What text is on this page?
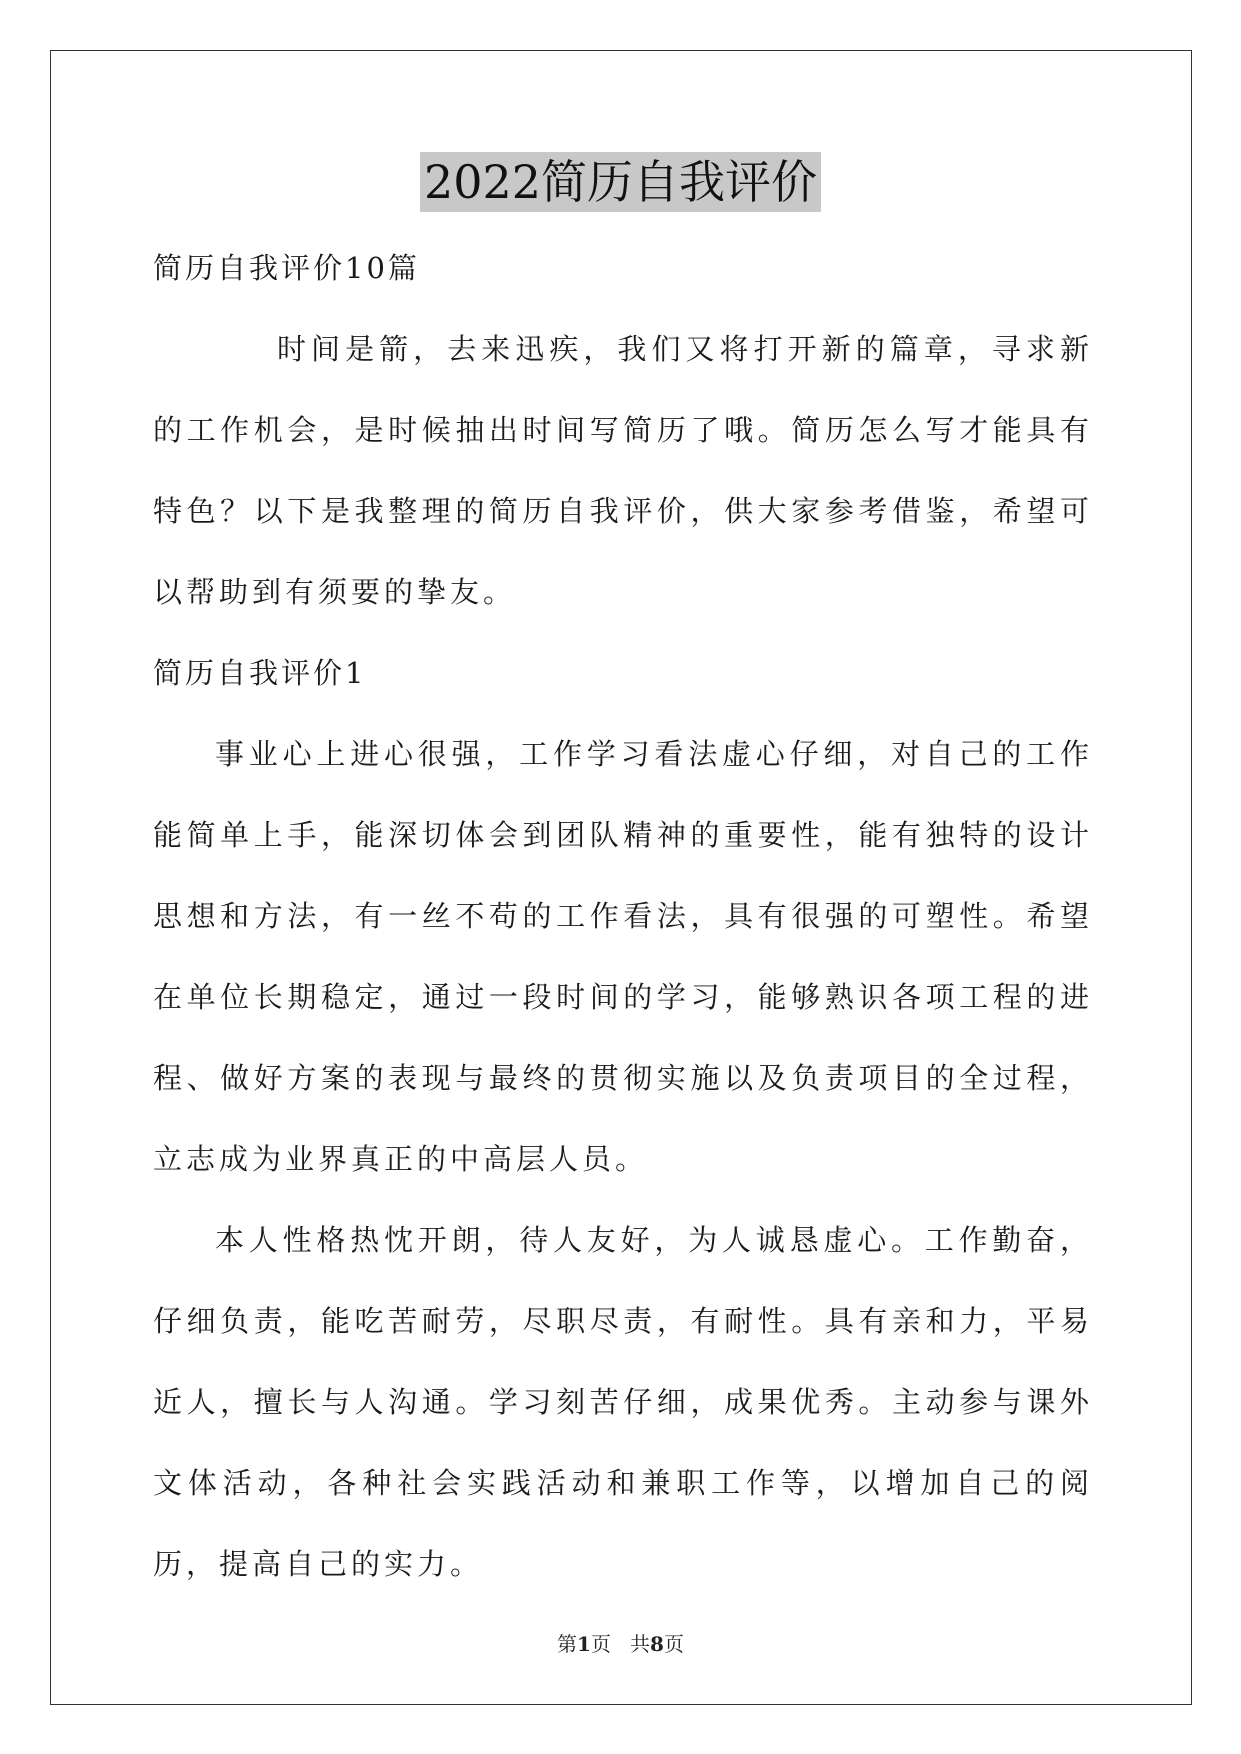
2022简历自我评价

简历自我评价10篇

时间是箭，去来迅疾，我们又将打开新的篇章，寻求新的工作机会，是时候抽出时间写简历了哦。简历怎么写才能具有特色？以下是我整理的简历自我评价，供大家参考借鉴，希望可以帮助到有须要的挚友。

简历自我评价1

事业心上进心很强，工作学习看法虚心仔细，对自己的工作能简单上手，能深切体会到团队精神的重要性，能有独特的设计思想和方法，有一丝不苟的工作看法，具有很强的可塑性。希望在单位长期稳定，通过一段时间的学习，能够熟识各项工程的进程、做好方案的表现与最终的贯彻实施以及负责项目的全过程，立志成为业界真正的中高层人员。

本人性格热忱开朗，待人友好，为人诚恳虚心。工作勤奋，仔细负责，能吃苦耐劳，尽职尽责，有耐性。具有亲和力，平易近人，擅长与人沟通。学习刻苦仔细，成果优秀。主动参与课外文体活动，各种社会实践活动和兼职工作等，以增加自己的阅历，提高自己的实力。

第1页 共8页
